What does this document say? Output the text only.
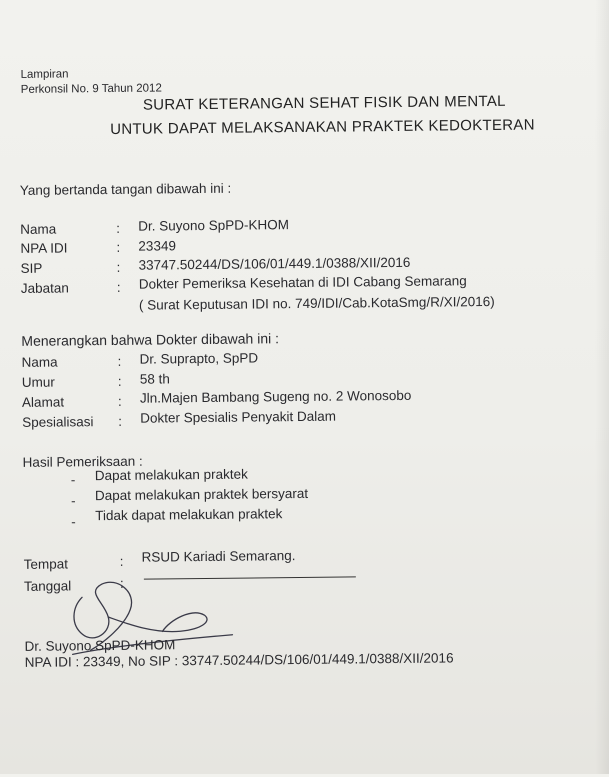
Lampiran
Perkonsil No. 9 Tahun 2012
SURAT KETERANGAN SEHAT FISIK DAN MENTAL
UNTUK DAPAT MELAKSANAKAN PRAKTEK KEDOKTERAN
Yang bertanda tangan dibawah ini :
Nama	: Dr. Suyono SpPD-KHOM
NPA IDI	: 23349
SIP	: 33747.50244/DS/106/01/449.1/0388/XII/2016
Jabatan	: Dokter Pemeriksa Kesehatan di IDI Cabang Semarang
( Surat Keputusan IDI no. 749/IDI/Cab.KotaSmg/R/XI/2016)
Menerangkan bahwa Dokter dibawah ini :
Nama	: Dr. Suprapto, SpPD
Umur	: 58 th
Alamat	: Jln.Majen Bambang Sugeng no. 2 Wonosobo
Spesialisasi : Dokter Spesialis Penyakit Dalam
Hasil Pemeriksaan :
- Dapat melakukan praktek
- Dapat melakukan praktek bersyarat
- Tidak dapat melakukan praktek
Tempat	: RSUD Kariadi Semarang.
Tanggal	:
Dr. Suyono SpPD-KHOM
NPA IDI : 23349, No SIP : 33747.50244/DS/106/01/449.1/0388/XII/2016
